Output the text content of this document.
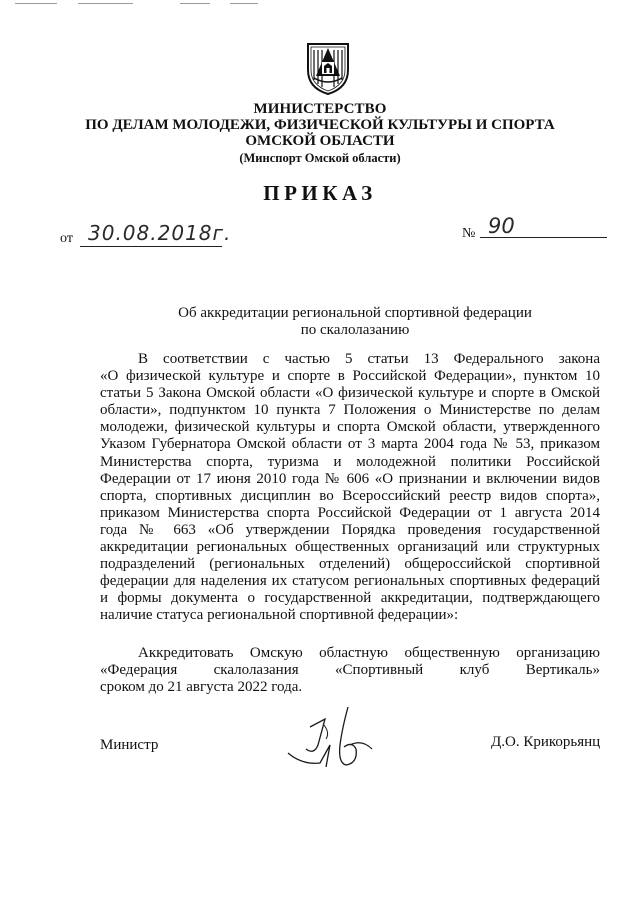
МИНИСТЕРСТВО
ПО ДЕЛАМ МОЛОДЕЖИ, ФИЗИЧЕСКОЙ КУЛЬТУРЫ И СПОРТА
ОМСКОЙ ОБЛАСТИ
(Минспорт Омской области)
ПРИКАЗ
от 30.08.2018г.	№ 90
Об аккредитации региональной спортивной федерации
по скалолазанию
В соответствии с частью 5 статьи 13 Федерального закона
«О физической культуре и спорте в Российской Федерации», пунктом 10
статьи 5 Закона Омской области «О физической культуре и спорте в Омской
области», подпунктом 10 пункта 7 Положения о Министерстве по делам
молодежи, физической культуры и спорта Омской области, утвержденного
Указом Губернатора Омской области от 3 марта 2004 года № 53, приказом
Министерства спорта, туризма и молодежной политики Российской
Федерации от 17 июня 2010 года № 606 «О признании и включении видов
спорта, спортивных дисциплин во Всероссийский реестр видов спорта»,
приказом Министерства спорта Российской Федерации от 1 августа 2014
года № 663 «Об утверждении Порядка проведения государственной
аккредитации региональных общественных организаций или структурных
подразделений (региональных отделений) общероссийской спортивной
федерации для наделения их статусом региональных спортивных федераций
и формы документа о государственной аккредитации, подтверждающего
наличие статуса региональной спортивной федерации»:
Аккредитовать Омскую областную общественную организацию
«Федерация скалолазания «Спортивный клуб Вертикаль»
сроком до 21 августа 2022 года.
Министр	Д.О. Крикорьянц
